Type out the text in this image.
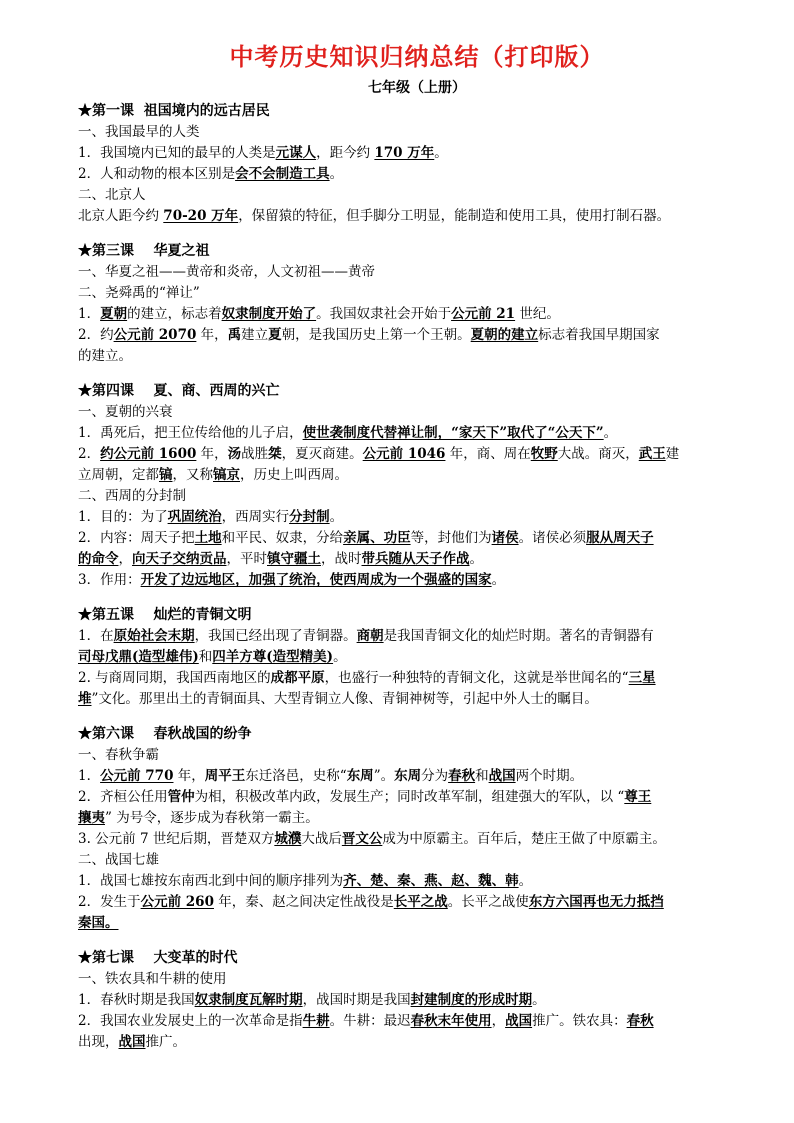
中考历史知识归纳总结（打印版）
七年级（上册）
★第一课  祖国境内的远古居民
一、我国最早的人类
1．我国境内已知的最早的人类是元谋人，距今约 170 万年。
2．人和动物的根本区别是会不会制造工具。
二、北京人
北京人距今约 70-20 万年，保留猿的特征，但手脚分工明显，能制造和使用工具，使用打制石器。
★第三课    华夏之祖
一、华夏之祖——黄帝和炎帝，人文初祖——黄帝
二、尧舜禹的“禅让”
1．夏朝的建立，标志着奴隶制度开始了。我国奴隶社会开始于公元前 21 世纪。
2．约公元前 2070 年，禹建立夏朝，是我国历史上第一个王朝。夏朝的建立标志着我国早期国家
的建立。
★第四课    夏、商、西周的兴亡
一、夏朝的兴衰
1．禹死后，把王位传给他的儿子启，使世袭制度代替禅让制，“家天下”取代了“公天下”。
2．约公元前 1600 年，汤战胜桀，夏灭商建。公元前 1046 年，商、周在牧野大战。商灭，武王建
立周朝，定都镐，又称镐京，历史上叫西周。
二、西周的分封制
1．目的：为了巩固统治，西周实行分封制。
2．内容：周天子把土地和平民、奴隶，分给亲属、功臣等，封他们为诸侯。诸侯必须服从周天子
的命令，向天子交纳贡品，平时镇守疆土，战时带兵随从天子作战。
3．作用：开发了边远地区，加强了统治，使西周成为一个强盛的国家。
★第五课    灿烂的青铜文明
1．在原始社会末期，我国已经出现了青铜器。商朝是我国青铜文化的灿烂时期。著名的青铜器有
司母戊鼎(造型雄伟)和四羊方尊(造型精美)。
2. 与商周同期，我国西南地区的成都平原，也盛行一种独特的青铜文化，这就是举世闻名的“三星
堆”文化。那里出土的青铜面具、大型青铜立人像、青铜神树等，引起中外人士的瞩目。
★第六课    春秋战国的纷争
一、春秋争霸
1．公元前 770 年，周平王东迁洛邑，史称“东周”。东周分为春秋和战国两个时期。
2．齐桓公任用管仲为相，积极改革内政，发展生产；同时改革军制，组建强大的军队，以 “尊王
攘夷” 为号令，逐步成为春秋第一霸主。
3. 公元前 7 世纪后期，晋楚双方城濮大战后晋文公成为中原霸主。百年后，楚庄王做了中原霸主。
二、战国七雄
1．战国七雄按东南西北到中间的顺序排列为齐、楚、秦、燕、赵、魏、韩。
2．发生于公元前 260 年，秦、赵之间决定性战役是长平之战。长平之战使东方六国再也无力抵挡
秦国。
★第七课    大变革的时代
一、铁农具和牛耕的使用
1．春秋时期是我国奴隶制度瓦解时期，战国时期是我国封建制度的形成时期。
2．我国农业发展史上的一次革命是指牛耕。牛耕：最迟春秋末年使用，战国推广。铁农具：春秋
出现，战国推广。
